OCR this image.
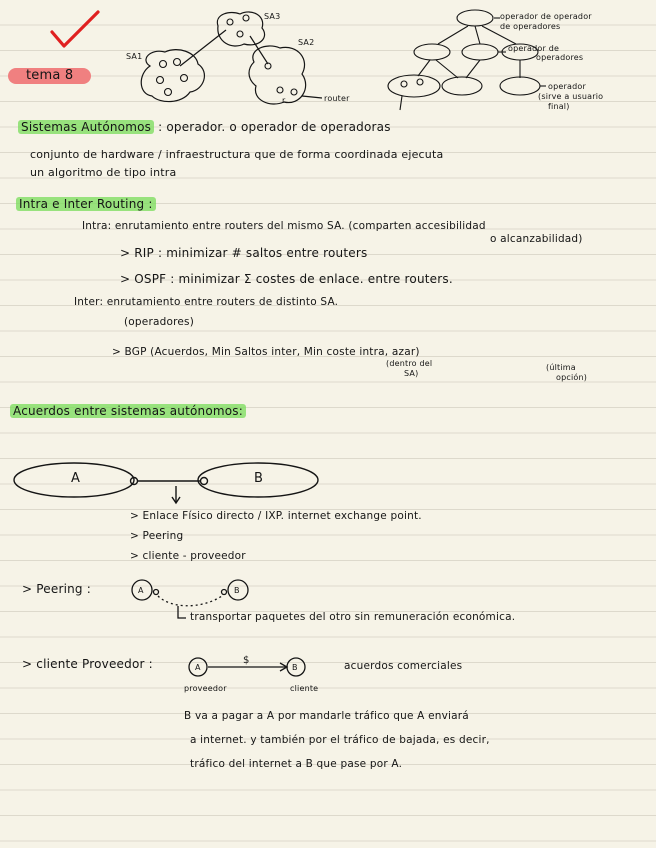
tema 8
SA3
SA1
SA2
r	router
operador de operador
de operadores
operador de
operadores
operador
(sirve a usuario
final)
Sistemas Autónomos : operador. o operador de operadoras
conjunto de hardware / infraestructura que de forma coordinada ejecuta
un algoritmo de tipo intra
Intra e Inter Routing :
Intra: enrutamiento entre routers del mismo SA. (comparten accesibilidad
o alcanzabilidad)
> RIP : minimizar # saltos entre routers
> OSPF : minimizar Σ costes de enlace. entre routers.
Inter: enrutamiento entre routers de distinto SA.
(operadores)
> BGP (Acuerdos, Min Saltos inter, Min coste intra, azar)
(dentro del
SA)
(última
opción)
Acuerdos entre sistemas autónomos:
A	B
> Enlace Físico directo / IXP. internet exchange point.
> Peering
> cliente - proveedor
> Peering :	A	B
transportar paquetes del otro sin remuneración económica.
> cliente Proveedor :	A	B
$	acuerdos comerciales
proveedor	cliente
B va a pagar a A por mandarle tráfico que A enviará
a internet. y también por el tráfico de bajada, es decir,
tráfico del internet a B que pase por A.
